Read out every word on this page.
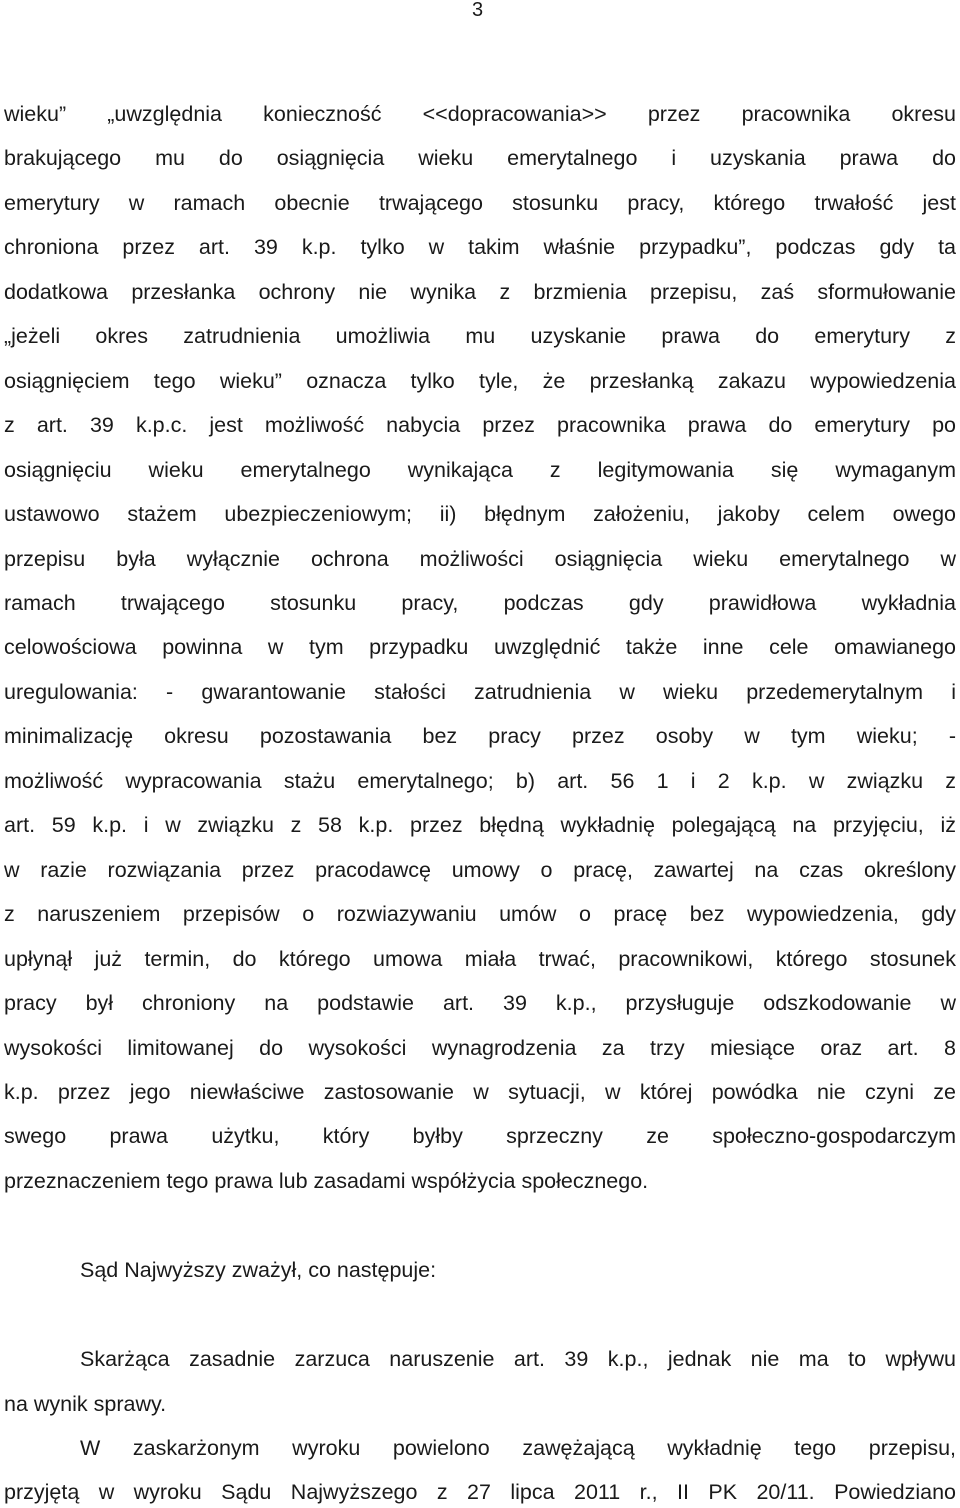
3
wieku” „uwzględnia konieczność <<dopracowania>> przez pracownika okresu
brakującego mu do osiągnięcia wieku emerytalnego i uzyskania prawa do
emerytury w ramach obecnie trwającego stosunku pracy, którego trwałość jest
chroniona przez art. 39 k.p. tylko w takim właśnie przypadku”, podczas gdy ta
dodatkowa przesłanka ochrony nie wynika z brzmienia przepisu, zaś sformułowanie
„jeżeli okres zatrudnienia umożliwia mu uzyskanie prawa do emerytury z
osiągnięciem tego wieku” oznacza tylko tyle, że przesłanką zakazu wypowiedzenia
z art. 39 k.p.c. jest możliwość nabycia przez pracownika prawa do emerytury po
osiągnięciu wieku emerytalnego wynikająca z legitymowania się wymaganym
ustawowo stażem ubezpieczeniowym; ii) błędnym założeniu, jakoby celem owego
przepisu była wyłącznie ochrona możliwości osiągnięcia wieku emerytalnego w
ramach trwającego stosunku pracy, podczas gdy prawidłowa wykładnia
celowościowa powinna w tym przypadku uwzględnić także inne cele omawianego
uregulowania: - gwarantowanie stałości zatrudnienia w wieku przedemerytalnym i
minimalizację okresu pozostawania bez pracy przez osoby w tym wieku; -
możliwość wypracowania stażu emerytalnego; b) art. 56 1 i 2 k.p. w związku z
art. 59 k.p. i w związku z 58 k.p. przez błędną wykładnię polegającą na przyjęciu, iż
w razie rozwiązania przez pracodawcę umowy o pracę, zawartej na czas określony
z naruszeniem przepisów o rozwiazywaniu umów o pracę bez wypowiedzenia, gdy
upłynął już termin, do którego umowa miała trwać, pracownikowi, którego stosunek
pracy był chroniony na podstawie art. 39 k.p., przysługuje odszkodowanie w
wysokości limitowanej do wysokości wynagrodzenia za trzy miesiące oraz art. 8
k.p. przez jego niewłaściwe zastosowanie w sytuacji, w której powódka nie czyni ze
swego prawa użytku, który byłby sprzeczny ze społeczno-gospodarczym
przeznaczeniem tego prawa lub zasadami współżycia społecznego.
Sąd Najwyższy zważył, co następuje:
Skarżąca zasadnie zarzuca naruszenie art. 39 k.p., jednak nie ma to wpływu
na wynik sprawy.
W zaskarżonym wyroku powielono zawężającą wykładnię tego przepisu,
przyjętą w wyroku Sądu Najwyższego z 27 lipca 2011 r., II PK 20/11. Powiedziano
